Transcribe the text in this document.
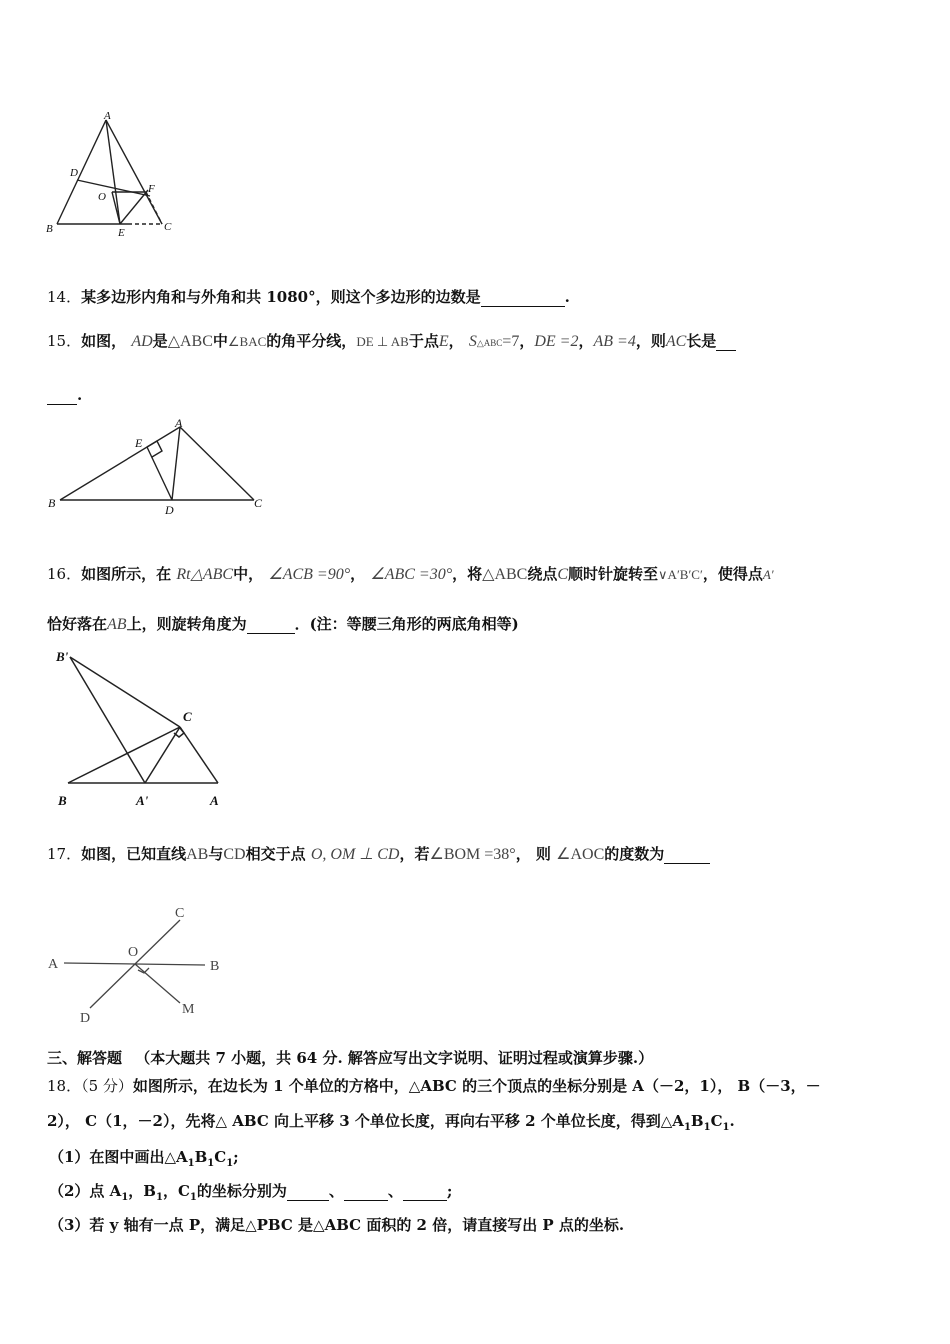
A
B	C
D
E
F
O
14．某多边形内角和与外角和共 1080°，则这个多边形的边数是	.
15．如图， AD是△ABC中∠BAC的角平分线，DE ⊥ AB于点E， S△ABC=7，DE =2，AB =4，则AC长是
.
A
B	C
D
E
16．如图所示，在 Rt△ABC中， ∠ACB =90°， ∠ABC =30°，将△ABC绕点C顺时针旋转至∨A′B′C′，使得点A′
恰好落在AB上，则旋转角度为	．(注：等腰三角形的两底角相等)
B'
C
B	A'	A
17．如图，已知直线AB与CD相交于点 O, OM ⊥ CD，若∠BOM =38°， 则 ∠AOC的度数为
A	B
C
D
M
O
三、解答题 （本大题共 7 小题，共 64 分. 解答应写出文字说明、证明过程或演算步骤.）
18．（5 分）如图所示，在边长为 1 个单位的方格中，△ABC 的三个顶点的坐标分别是 A（－2，1）， B（－3，－
2）， C（1，－2），先将△ ABC 向上平移 3 个单位长度，再向右平移 2 个单位长度，得到$\triangle A_1B_1C_1$.
（1）在图中画出$\triangle A_1B_1C_1$;
（2）点 $A_1$，$B_1$，$C_1$的坐标分别为	、	、	;
（3）若 y 轴有一点 P，满足△PBC 是△ABC 面积的 2 倍，请直接写出 P 点的坐标.
